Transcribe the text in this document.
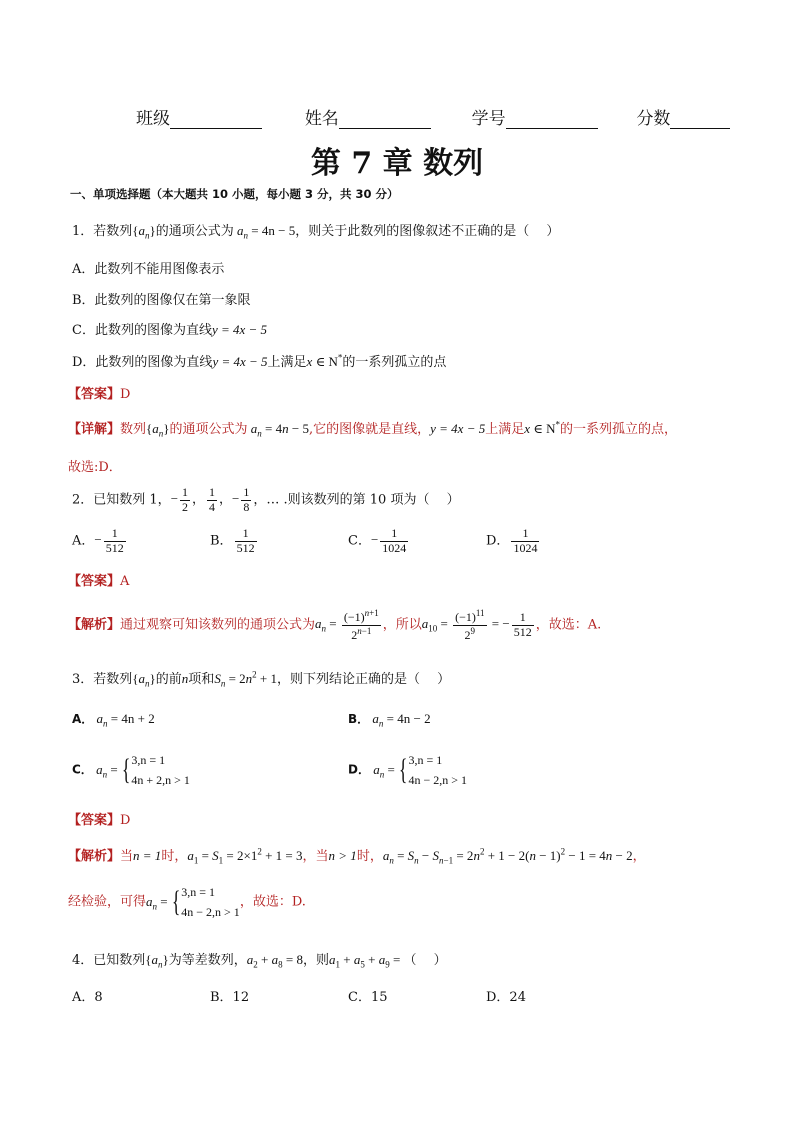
班级	姓名	学号	分数
第 7 章 数列
一、单项选择题（本大题共 10 小题，每小题 3 分，共 30 分）
1．若数列$\{a_n\}$的通项公式为 $a_n = 4n - 5$，则关于此数列的图像叙述不正确的是（　 ）
A．此数列不能用图像表示
B．此数列的图像仅在第一象限
C．此数列的图像为直线y = 4x − 5
D．此数列的图像为直线y = 4x − 5上满足x ∈ N*的一系列孤立的点
【答案】D
【详解】数列$\{a_n\}$的通项公式为 $a_n = 4n - 5$,它的图像就是直线，y = 4x − 5上满足x ∈ N*的一系列孤立的点，
故选:D．
2．已知数列 1，− $\frac{1}{2}$ ， $\frac{1}{4}$ ，− $\frac{1}{8}$ ，… .则该数列的第 10 项为（　 ）
A．− $\frac{1}{512}$	B． $\frac{1}{512}$	C．− $\frac{1}{1024}$	D． $\frac{1}{1024}$
【答案】A
【解析】通过观察可知该数列的通项公式为$a_n = \frac{(-1)^{n+1}}{2^{n-1}}$ ，所以$a_{10} = \frac{(-1)^{11}}{2^9}$ = − $\frac{1}{512}$ ，故选：A.
3．若数列$\{a_n\}$的前n项和$S_n = 2n^2 + 1$，则下列结论正确的是（　 ）
A． $a_n = 4n + 2$	B． $a_n = 4n - 2$
C． $a_n = \{3,n = 1$
4n + 2,n > 1
D． $a_n = \{3,n = 1$
4n − 2,n > 1
【答案】D
【解析】当n = 1时，$a_1 = S_1 = 2\times 1^2 + 1 = 3$，当n > 1时，$a_n = S_n - S_{n-1} = 2n^2 + 1 - 2(n - 1)^2 - 1 = 4n - 2$，
经检验，可得$a_n = \{3,n = 1$
4n − 2,n > 1，故选：D.
4．已知数列$\{a_n\}$为等差数列，$a_2 + a_8 = 8$，则$a_1 + a_5 + a_9$ = （　 ）
A．8	B．12	C．15	D．24
